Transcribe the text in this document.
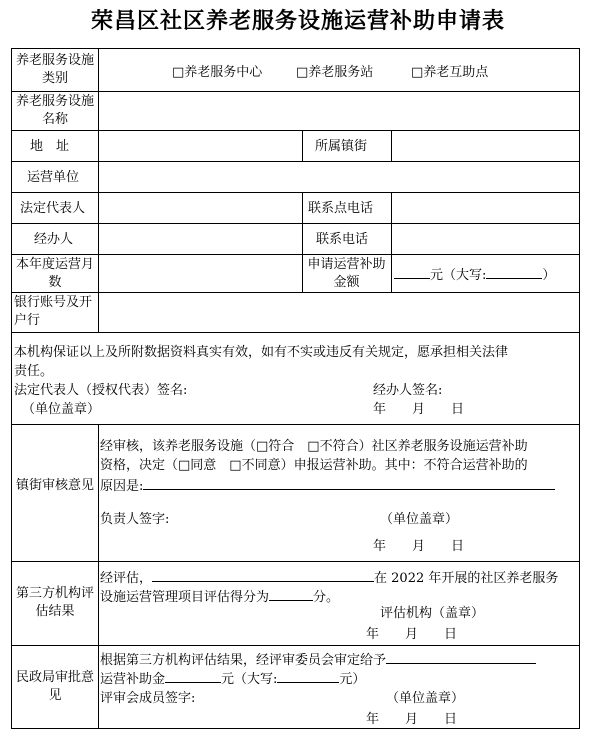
荣昌区社区养老服务设施运营补助申请表
养老服务设施类别	□养老服务中心	□养老服务站	□养老互助点
养老服务设施名称
地　址	所属镇街
运营单位
法定代表人	联系点电话
经办人	联系电话
本年度运营月数
申请运营补助金额	元（大写:	）
银行账号及开户行
本机构保证以上及所附数据资料真实有效，如有不实或违反有关规定，愿承担相关法律
责任。
法定代表人（授权代表）签名:
（单位盖章）
经办人签名:
年　　月　　日
镇街审核意见
经审核，该养老服务设施（□符合　□不符合）社区养老服务设施运营补助
资格，决定（□同意　□不同意）申报运营补助。其中：不符合运营补助的
原因是:
负责人签字:	（单位盖章）
年　　月　　日
第三方机构评估结果
经评估，	在 2022 年开展的社区养老服务
设施运营管理项目评估得分为	分。
评估机构（盖章）
年　　月　　日
民政局审批意见
根据第三方机构评估结果，经评审委员会审定给予
运营补助金	元（大写:	元）
评审会成员签字:	（单位盖章）
年　　月　　日
